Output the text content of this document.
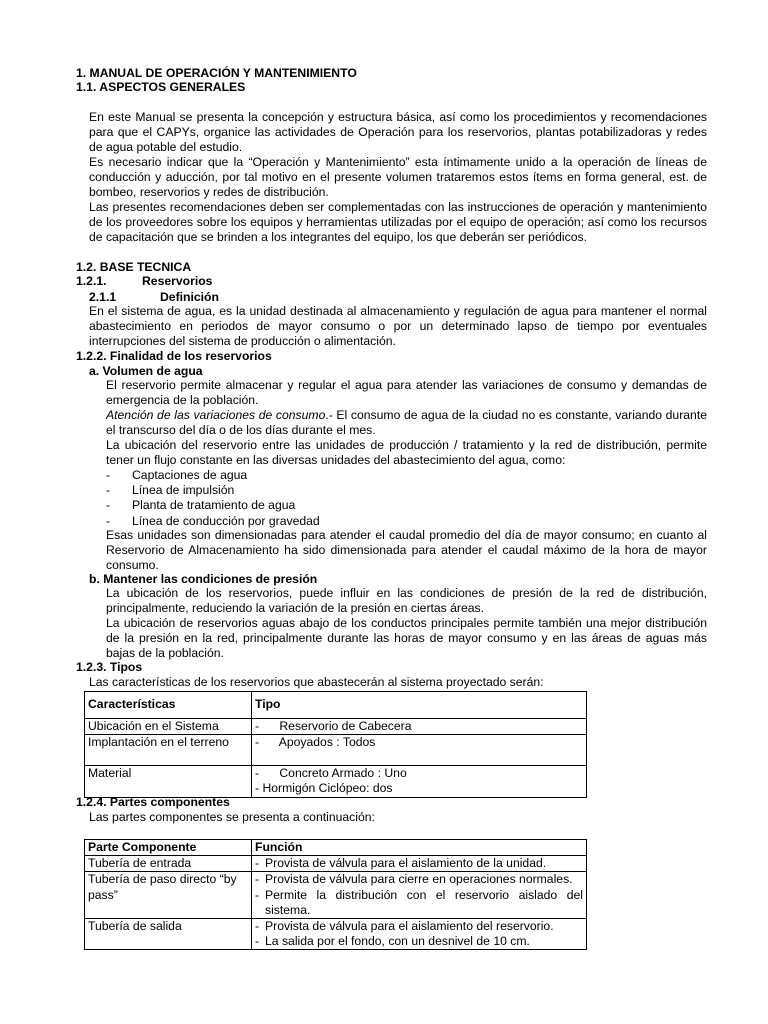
1. MANUAL DE OPERACIÓN Y MANTENIMIENTO
1.1. ASPECTOS GENERALES
En este Manual se presenta la concepción y estructura básica, así como los procedimientos y recomendaciones para que el CAPYs, organice las actividades de Operación para los reservorios, plantas potabilizadoras y redes de agua potable del estudio.
Es necesario indicar que la “Operación y Mantenimiento” esta íntimamente unido a la operación de líneas de conducción y aducción, por tal motivo en el presente volumen trataremos estos ítems en forma general, est. de bombeo, reservorios y redes de distribución.
Las presentes recomendaciones deben ser complementadas con las instrucciones de operación y mantenimiento de los proveedores sobre los equipos y herramientas utilizadas por el equipo de operación; así como los recursos de capacitación que se brinden a los integrantes del equipo, los que deberán ser periódicos.
1.2. BASE TECNICA
1.2.1.	Reservorios
2.1.1	Definición
En el sistema de agua, es la unidad destinada al almacenamiento y regulación de agua para mantener el normal abastecimiento en periodos de mayor consumo o por un determinado lapso de tiempo por eventuales interrupciones del sistema de producción o alimentación.
1.2.2. Finalidad de los reservorios
a. Volumen de agua
El reservorio permite almacenar y regular el agua para atender las variaciones de consumo y demandas de emergencia de la población.
Atención de las variaciones de consumo.- El consumo de agua de la ciudad no es constante, variando durante el transcurso del día o de los días durante el mes.
La ubicación del reservorio entre las unidades de producción / tratamiento y la red de distribución, permite tener un flujo constante en las diversas unidades del abastecimiento del agua, como:
-	Captaciones de agua
-	Línea de impulsión
-	Planta de tratamiento de agua
-	Línea de conducción por gravedad
Esas unidades son dimensionadas para atender el caudal promedio del día de mayor consumo; en cuanto al Reservorio de Almacenamiento ha sido dimensionada para atender el caudal máximo de la hora de mayor consumo.
b. Mantener las condiciones de presión
La ubicación de los reservorios, puede influir en las condiciones de presión de la red de distribución, principalmente, reduciendo la variación de la presión en ciertas áreas.
La ubicación de reservorios aguas abajo de los conductos principales permite también una mejor distribución de la presión en la red, principalmente durante las horas de mayor consumo y en las áreas de aguas más bajas de la población.
1.2.3. Tipos
Las características de los reservorios que abastecerán al sistema proyectado serán:
Características	Tipo
Ubicación en el Sistema	-      Reservorio de Cabecera
Implantación en el terreno	-      Apoyados : Todos
Material	-      Concreto Armado : Uno
- Hormigón Ciclópeo: dos
1.2.4. Partes componentes
Las partes componentes se presenta a continuación:
Parte Componente	Función
Tubería de entrada	- Provista de válvula para el aislamiento de la unidad.

Tubería de paso directo “by pass”	- Provista de válvula para cierre en operaciones normales.
- Permite la distribución con el reservorio aislado del sistema.

Tubería de salida	- Provista de válvula para el aislamiento del reservorio.
- La salida por el fondo, con un desnivel de 10 cm.
